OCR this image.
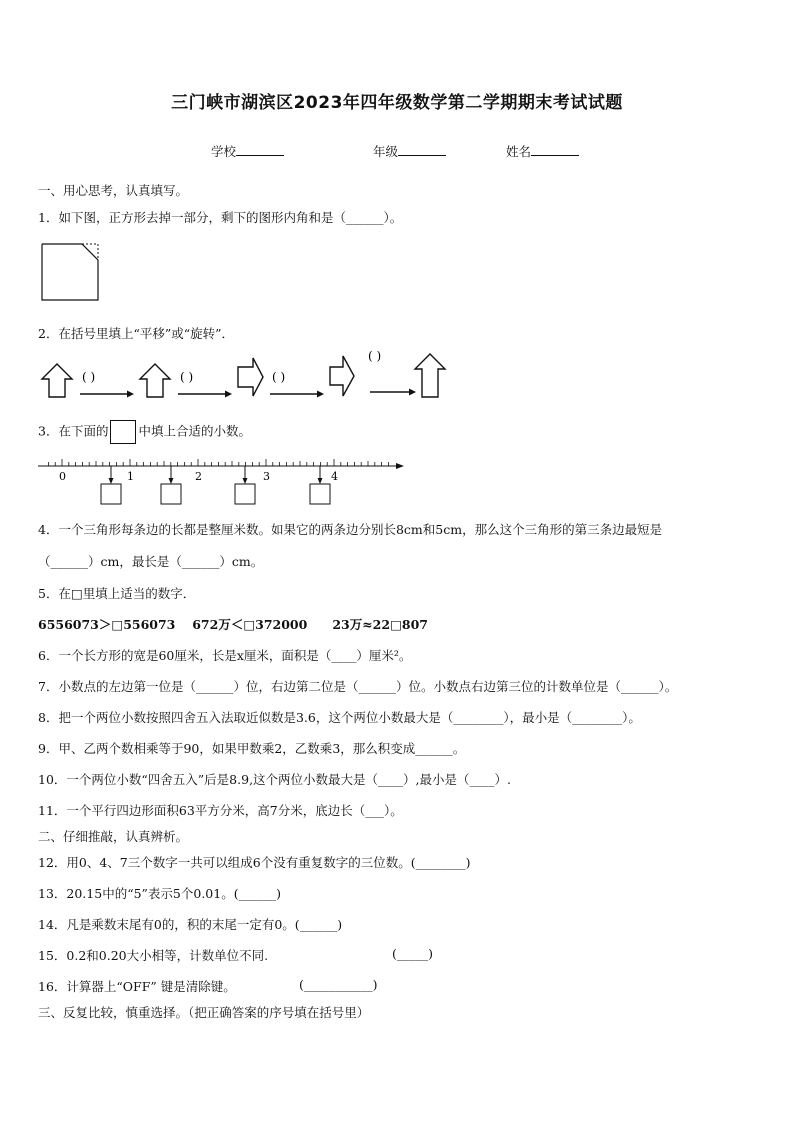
三门峡市湖滨区2023年四年级数学第二学期期末考试试题
学校	年级	姓名
一、用心思考，认真填写。
1．如下图，正方形去掉一部分，剩下的图形内角和是（______）。
2．在括号里填上“平移”或“旋转”．
( )	( )	( )
( )
3．在下面的 中填上合适的小数。
0	1	2	3	4
4．一个三角形每条边的长都是整厘米数。如果它的两条边分别长8cm和5cm，那么这个三角形的第三条边最短是
（______）cm，最长是（______）cm。
5．在□里填上适当的数字．
6556073＞□556073　 672万＜□372000　　23万≈22□807
6．一个长方形的宽是60厘米，长是x厘米，面积是（____）厘米²。
7．小数点的左边第一位是（______）位，右边第二位是（______）位。小数点右边第三位的计数单位是（______）。
8．把一个两位小数按照四舍五入法取近似数是3.6，这个两位小数最大是（________），最小是（________）。
9．甲、乙两个数相乘等于90，如果甲数乘2，乙数乘3，那么积变成______。
10．一个两位小数“四舍五入”后是8.9,这个两位小数最大是（____）,最小是（____）.
11．一个平行四边形面积63平方分米，高7分米，底边长（___）。
二、仔细推敲，认真辨析。
12．用0、4、7三个数字一共可以组成6个没有重复数字的三位数。(________)
13．20.15中的“5”表示5个0.01。(______)
14．凡是乘数末尾有0的，积的末尾一定有0。(______)
15．0.2和0.20大小相等，计数单位不同.	(_____)
16．计算器上“OFF” 键是清除键。	(___________)
三、反复比较，慎重选择。（把正确答案的序号填在括号里）
